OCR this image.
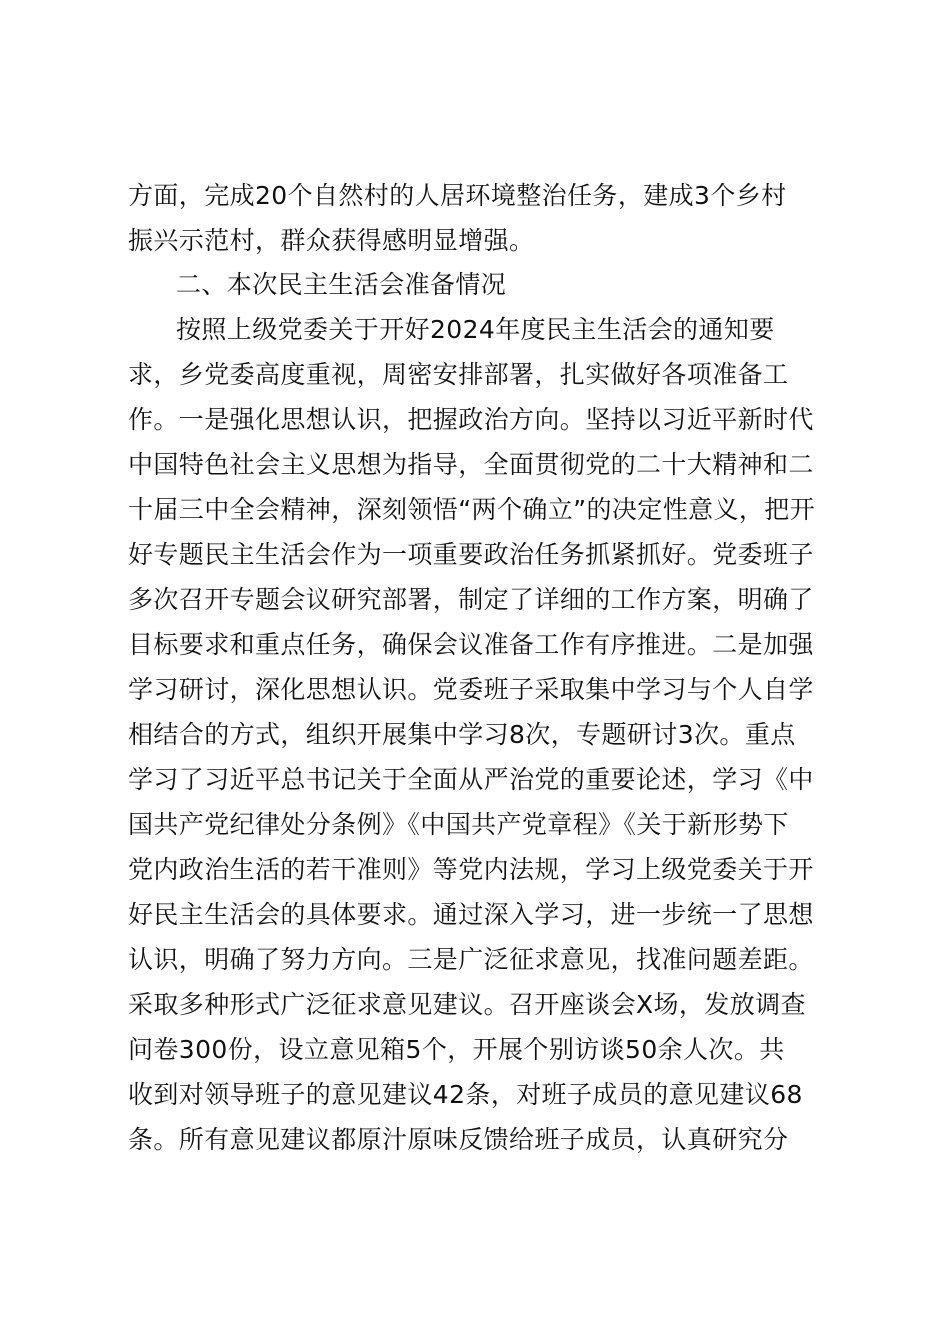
方面，完成20个自然村的人居环境整治任务，建成3个乡村
振兴示范村，群众获得感明显增强。
二、本次民主生活会准备情况
按照上级党委关于开好2024年度民主生活会的通知要
求，乡党委高度重视，周密安排部署，扎实做好各项准备工
作。一是强化思想认识，把握政治方向。坚持以习近平新时代
中国特色社会主义思想为指导，全面贯彻党的二十大精神和二
十届三中全会精神，深刻领悟“两个确立”的决定性意义，把开
好专题民主生活会作为一项重要政治任务抓紧抓好。党委班子
多次召开专题会议研究部署，制定了详细的工作方案，明确了
目标要求和重点任务，确保会议准备工作有序推进。二是加强
学习研讨，深化思想认识。党委班子采取集中学习与个人自学
相结合的方式，组织开展集中学习8次，专题研讨3次。重点
学习了习近平总书记关于全面从严治党的重要论述，学习《中
国共产党纪律处分条例》《中国共产党章程》《关于新形势下
党内政治生活的若干准则》等党内法规，学习上级党委关于开
好民主生活会的具体要求。通过深入学习，进一步统一了思想
认识，明确了努力方向。三是广泛征求意见，找准问题差距。
采取多种形式广泛征求意见建议。召开座谈会X场，发放调查
问卷300份，设立意见箱5个，开展个别访谈50余人次。共
收到对领导班子的意见建议42条，对班子成员的意见建议68
条。所有意见建议都原汁原味反馈给班子成员，认真研究分
